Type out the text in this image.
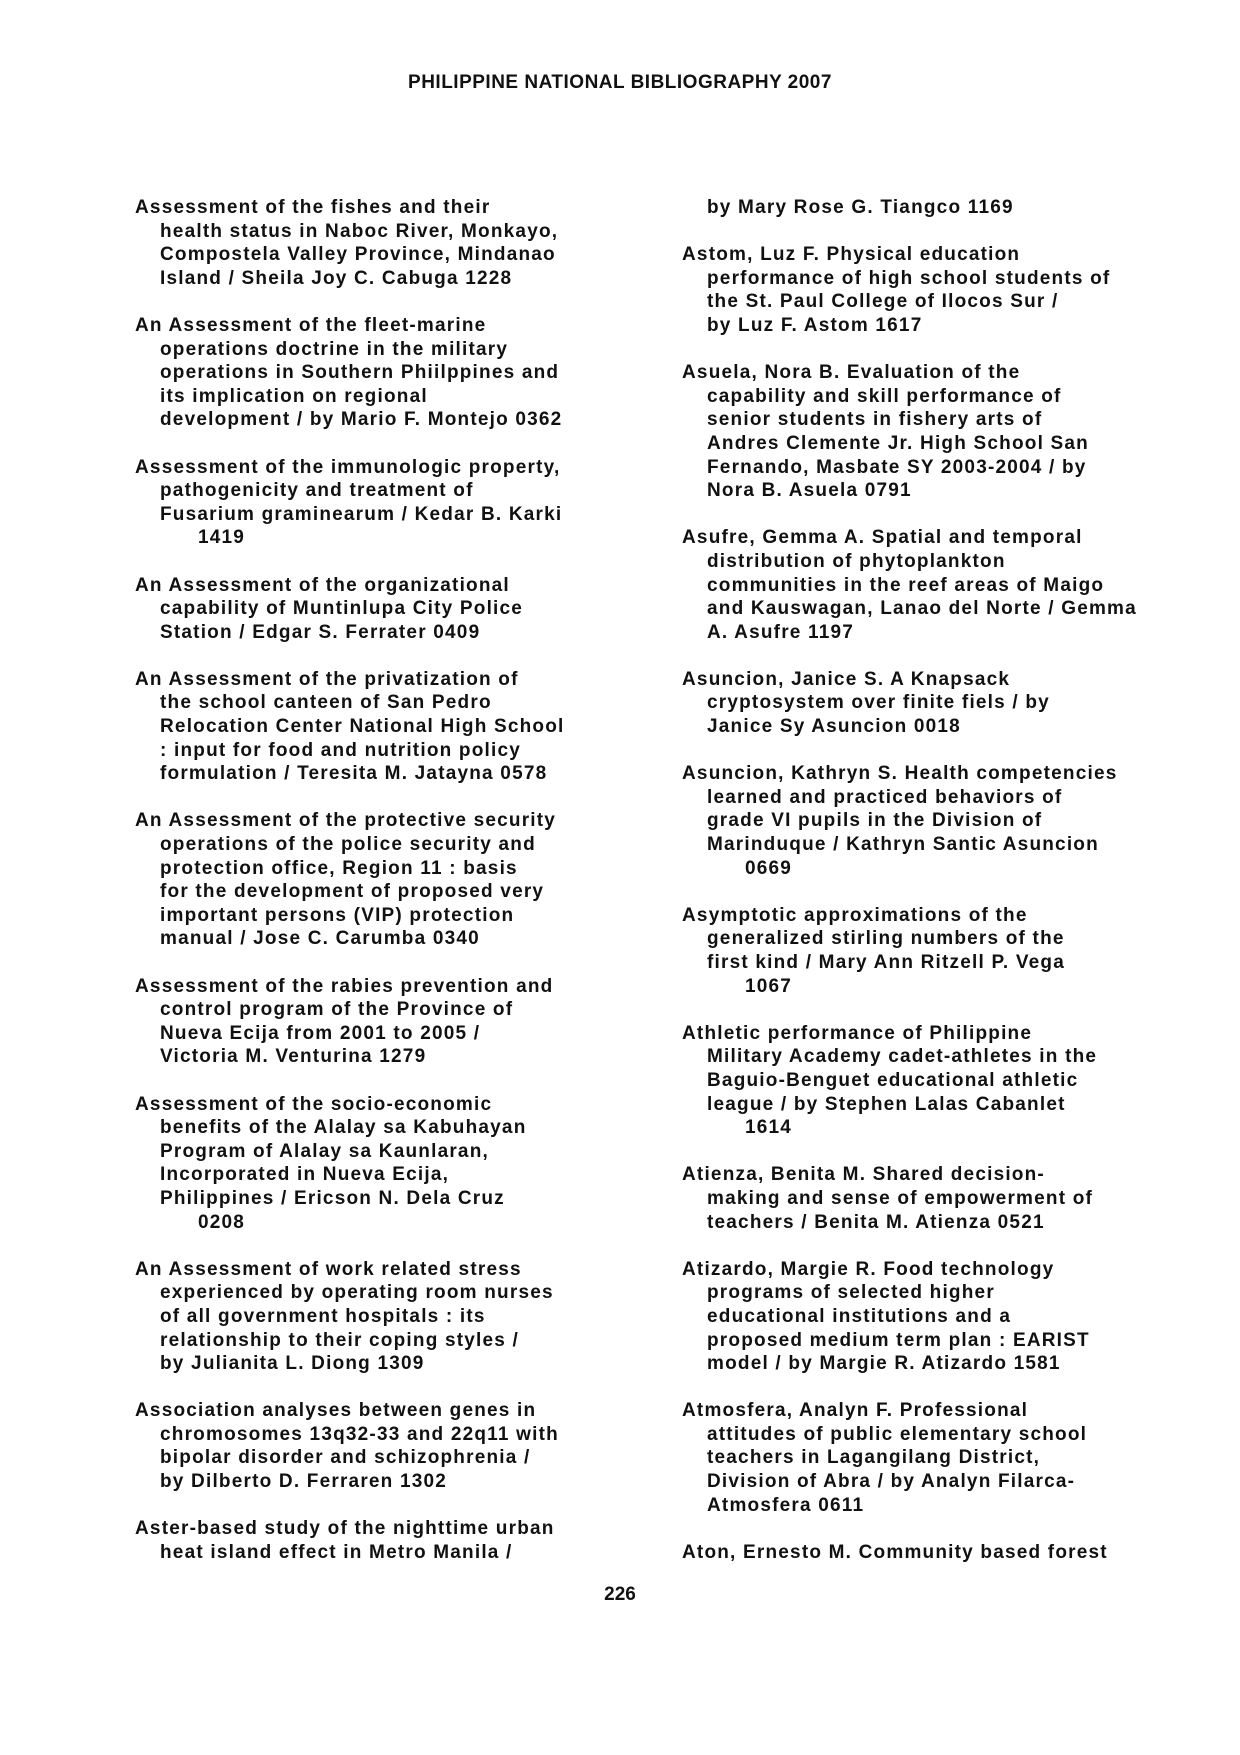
PHILIPPINE NATIONAL BIBLIOGRAPHY 2007
Assessment of the fishes and their
health status in Naboc River, Monkayo,
Compostela Valley Province, Mindanao
Island / Sheila Joy C. Cabuga 1228
An Assessment of the fleet-marine
operations doctrine in the military
operations in Southern Phiilppines and
its implication on regional
development / by Mario F. Montejo 0362
Assessment of the immunologic property,
pathogenicity and treatment of
Fusarium graminearum / Kedar B. Karki
1419
An Assessment of the organizational
capability of Muntinlupa City Police
Station / Edgar S. Ferrater 0409
An Assessment of the privatization of
the school canteen of San Pedro
Relocation Center National High School
: input for food and nutrition policy
formulation / Teresita M. Jatayna 0578
An Assessment of the protective security
operations of the police security and
protection office, Region 11 : basis
for the development of proposed very
important persons (VIP) protection
manual / Jose C. Carumba 0340
Assessment of the rabies prevention and
control program of the Province of
Nueva Ecija from 2001 to 2005 /
Victoria M. Venturina 1279
Assessment of the socio-economic
benefits of the Alalay sa Kabuhayan
Program of Alalay sa Kaunlaran,
Incorporated in Nueva Ecija,
Philippines / Ericson N. Dela Cruz
0208
An Assessment of work related stress
experienced by operating room nurses
of all government hospitals : its
relationship to their coping styles /
by Julianita L. Diong 1309
Association analyses between genes in
chromosomes 13q32-33 and 22q11 with
bipolar disorder and schizophrenia /
by Dilberto D. Ferraren 1302
Aster-based study of the nighttime urban
heat island effect in Metro Manila /
by Mary Rose G. Tiangco 1169
Astom, Luz F. Physical education
performance of high school students of
the St. Paul College of Ilocos Sur /
by Luz F. Astom 1617
Asuela, Nora B. Evaluation of the
capability and skill performance of
senior students in fishery arts of
Andres Clemente Jr. High School San
Fernando, Masbate SY 2003-2004 / by
Nora B. Asuela 0791
Asufre, Gemma A. Spatial and temporal
distribution of phytoplankton
communities in the reef areas of Maigo
and Kauswagan, Lanao del Norte / Gemma
A. Asufre 1197
Asuncion, Janice S. A Knapsack
cryptosystem over finite fiels / by
Janice Sy Asuncion 0018
Asuncion, Kathryn S. Health competencies
learned and practiced behaviors of
grade VI pupils in the Division of
Marinduque / Kathryn Santic Asuncion
0669
Asymptotic approximations of the
generalized stirling numbers of the
first kind / Mary Ann Ritzell P. Vega
1067
Athletic performance of Philippine
Military Academy cadet-athletes in the
Baguio-Benguet educational athletic
league / by Stephen Lalas Cabanlet
1614
Atienza, Benita M. Shared decision-
making and sense of empowerment of
teachers / Benita M. Atienza 0521
Atizardo, Margie R. Food technology
programs of selected higher
educational institutions and a
proposed medium term plan : EARIST
model / by Margie R. Atizardo 1581
Atmosfera, Analyn F. Professional
attitudes of public elementary school
teachers in Lagangilang District,
Division of Abra / by Analyn Filarca-
Atmosfera 0611
Aton, Ernesto M. Community based forest
226
